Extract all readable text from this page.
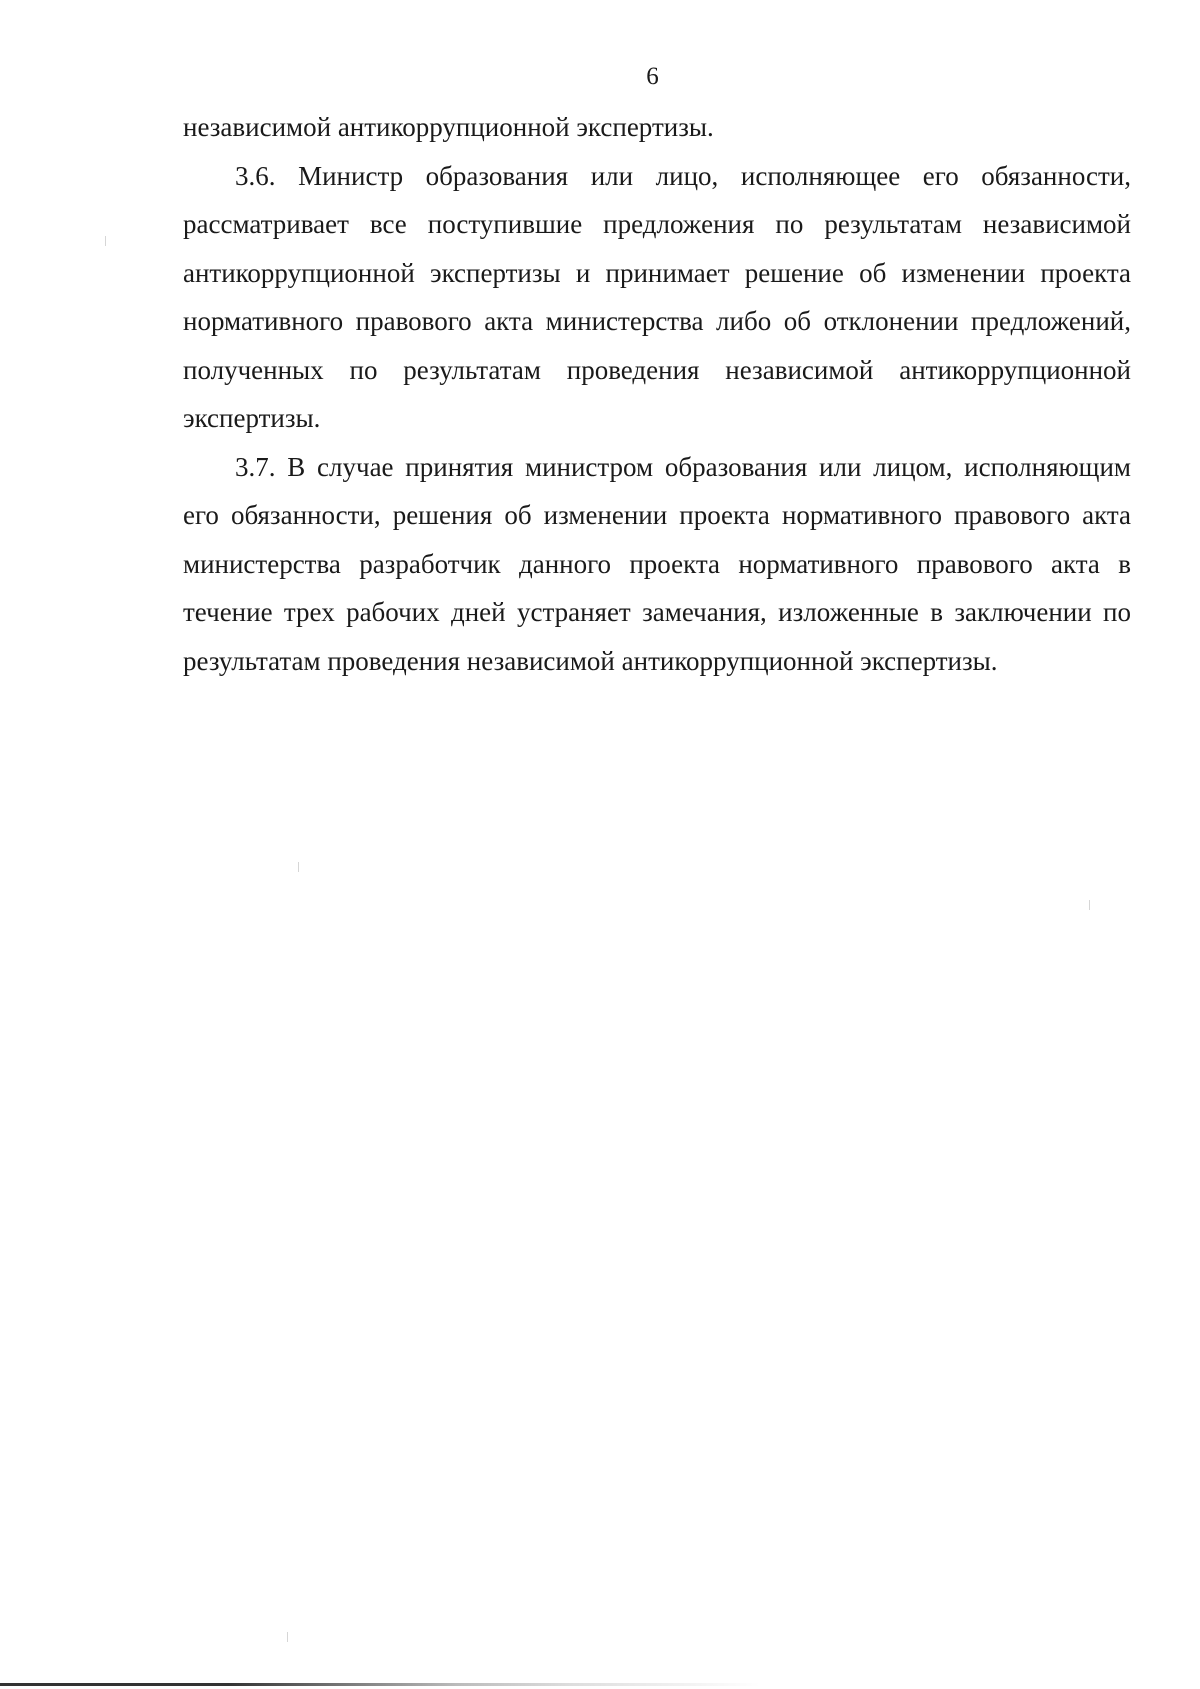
6

независимой антикоррупционной экспертизы.

3.6. Министр образования или лицо, исполняющее его обязанности, рассматривает все поступившие предложения по результатам независимой антикоррупционной экспертизы и принимает решение об изменении проекта нормативного правового акта министерства либо об отклонении предложений, полученных по результатам проведения независимой антикоррупционной экспертизы.

3.7. В случае принятия министром образования или лицом, исполняющим его обязанности, решения об изменении проекта нормативного правового акта министерства разработчик данного проекта нормативного правового акта в течение трех рабочих дней устраняет замечания, изложенные в заключении по результатам проведения независимой антикоррупционной экспертизы.
